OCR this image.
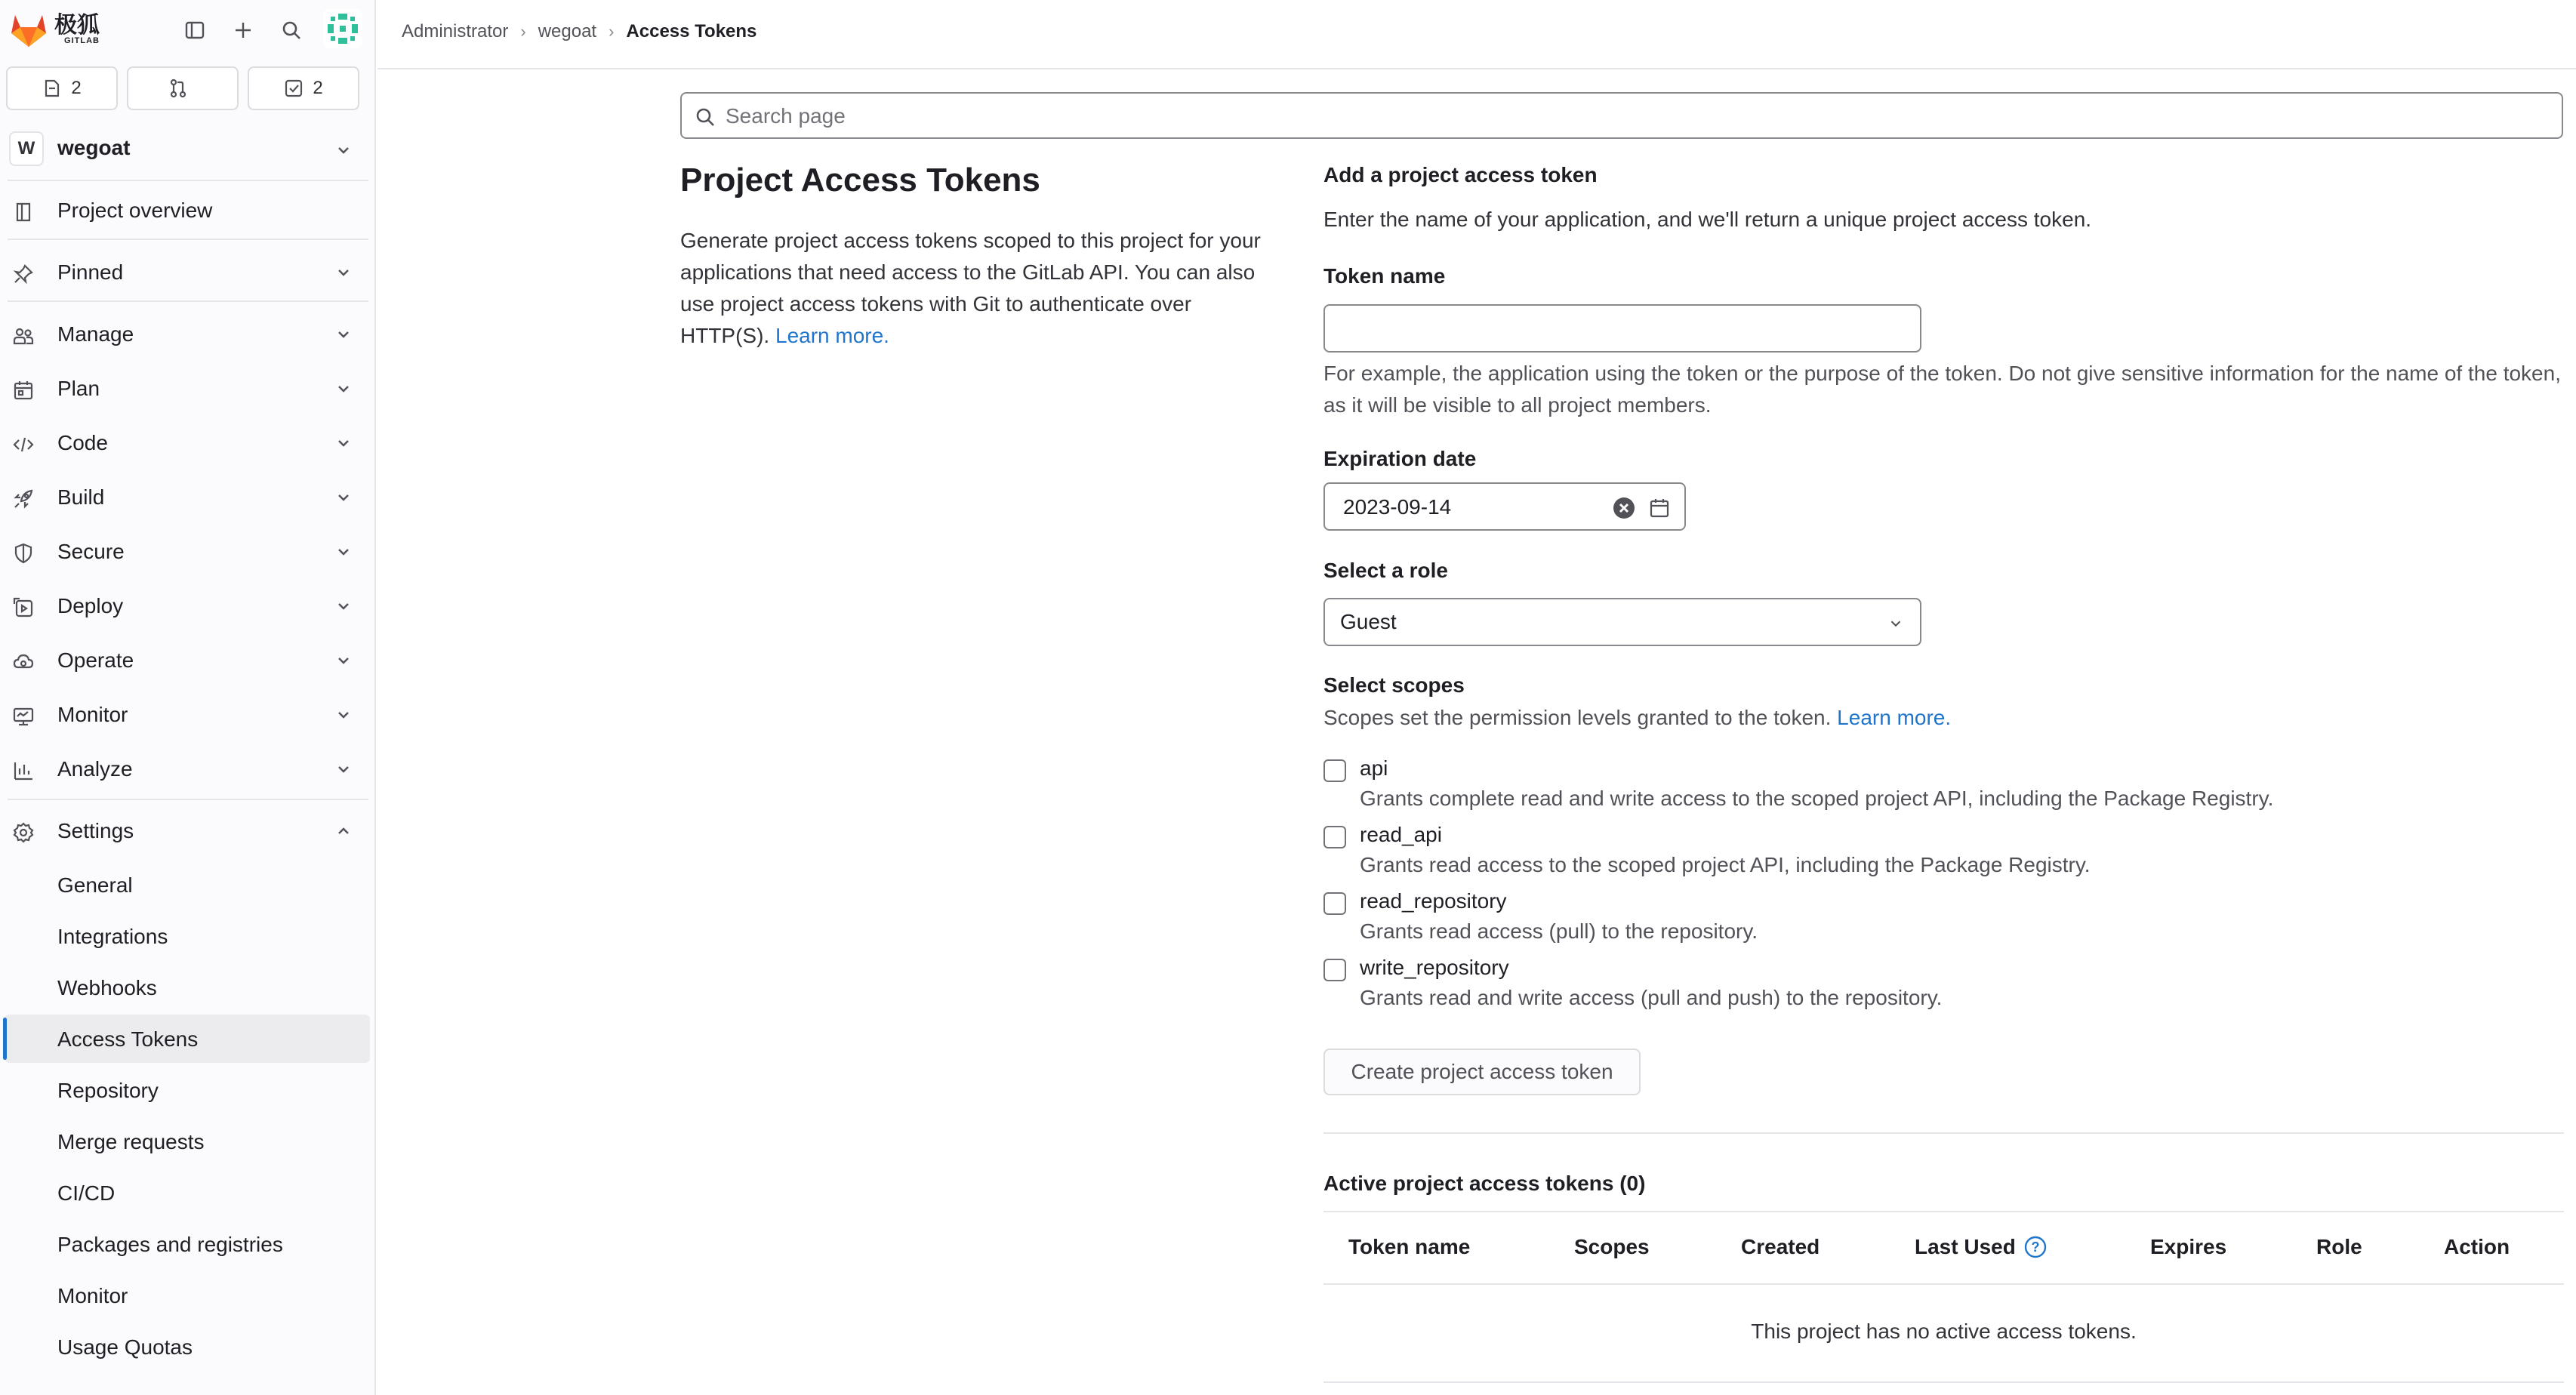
极狐
GITLAB
2	2
W	wegoat
Project overview
Pinned
Manage
Plan
Code
Build
Secure
Deploy
Operate
Monitor
Analyze
Settings
General
Integrations
Webhooks
Access Tokens
Repository
Merge requests
CI/CD
Packages and registries
Monitor
Usage Quotas
Administrator › wegoat › Access Tokens
Search page
Project Access Tokens
Generate project access tokens scoped to this project for your applications that need access to the GitLab API. You can also use project access tokens with Git to authenticate over HTTP(S). Learn more.
Add a project access token
Enter the name of your application, and we'll return a unique project access token.
Token name
For example, the application using the token or the purpose of the token. Do not give sensitive information for the name of the token, as it will be visible to all project members.
Expiration date
2023-09-14
Select a role
Guest
Select scopes
Scopes set the permission levels granted to the token. Learn more.
api
Grants complete read and write access to the scoped project API, including the Package Registry.
read_api
Grants read access to the scoped project API, including the Package Registry.
read_repository
Grants read access (pull) to the repository.
write_repository
Grants read and write access (pull and push) to the repository.
Create project access token
Active project access tokens (0)
Token name	Scopes	Created	Last Used ?	Expires	Role	Action
This project has no active access tokens.
